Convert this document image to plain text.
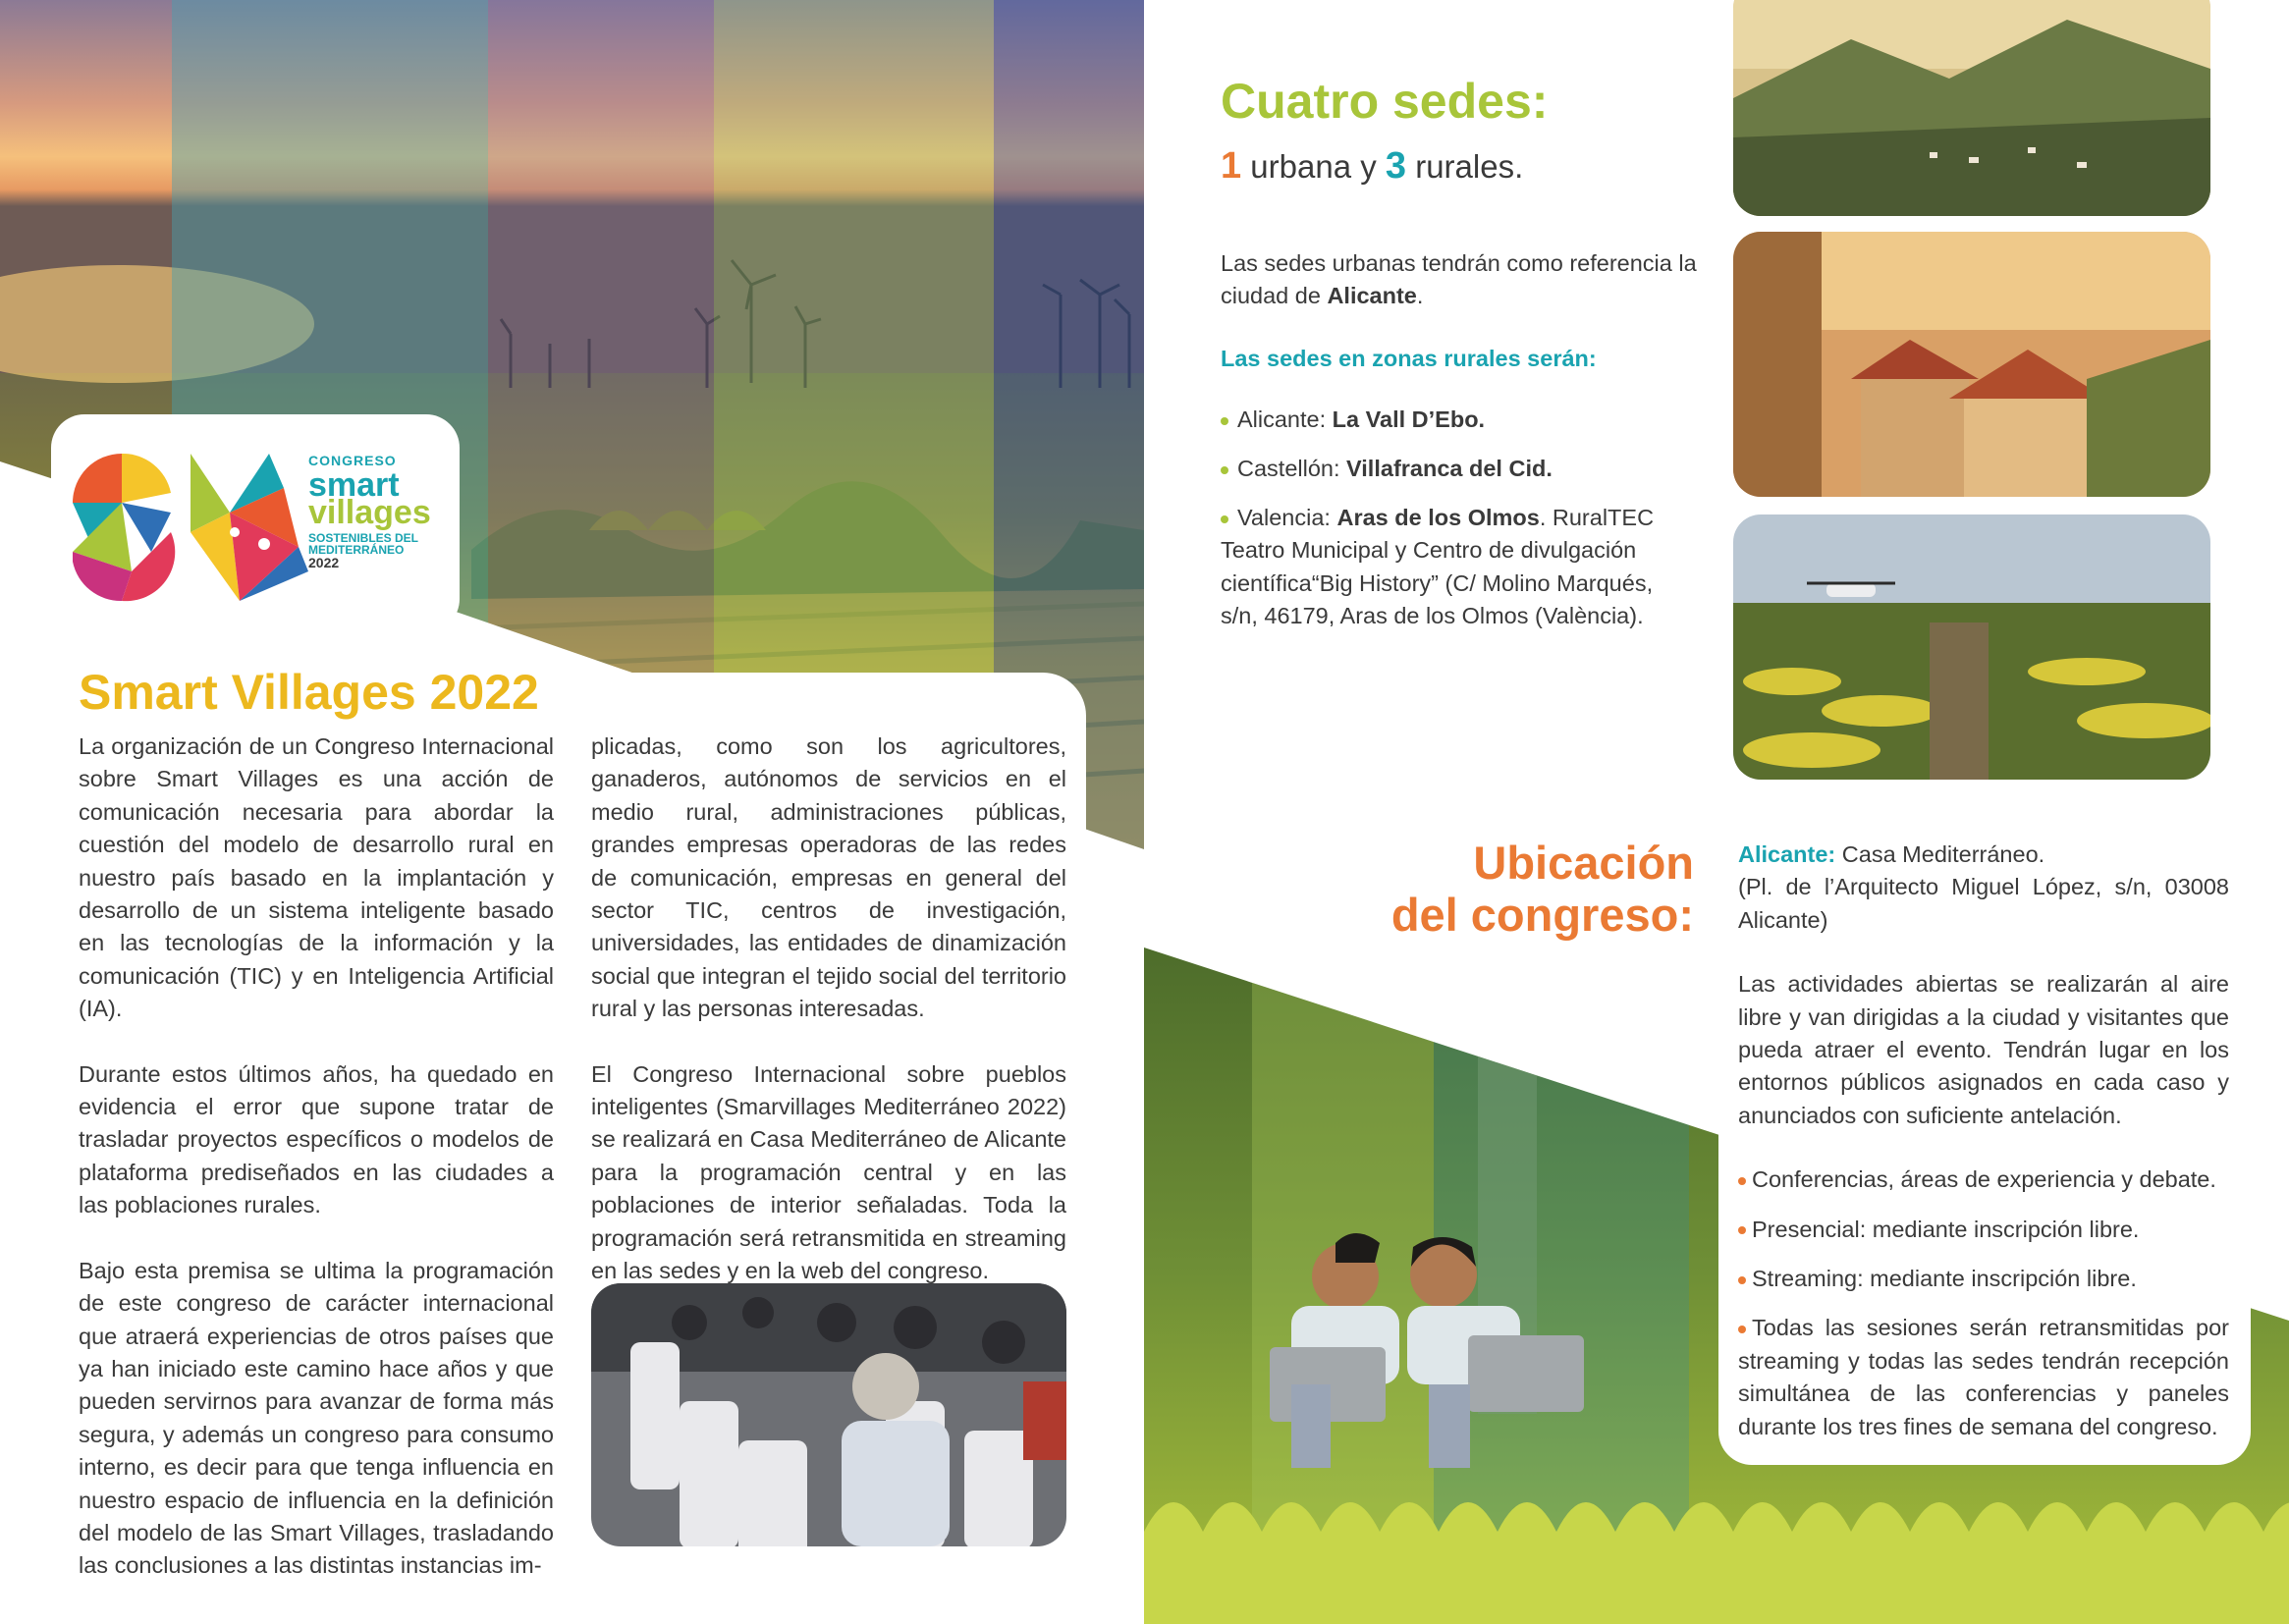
CONGRESO
smart
villages
SOSTENIBLES DEL
MEDITERRÁNEO
2022
Smart Villages 2022

La organización de un Congreso Internacional sobre Smart Villages es una acción de comunicación necesaria para abordar la cuestión del modelo de desarrollo rural en nuestro país basado en la implantación y desarrollo de un sistema inteligente basado en las tecnologías de la información y la comunicación (TIC) y en Inteligencia Artificial (IA).

Durante estos últimos años, ha quedado en evidencia el error que supone tratar de trasladar proyectos específicos o modelos de plataforma prediseñados en las ciudades a las poblaciones rurales.

Bajo esta premisa se ultima la programación de este congreso de carácter internacional que atraerá experiencias de otros países que ya han iniciado este camino hace años y que pueden servirnos para avanzar de forma más segura, y además un congreso para consumo interno, es decir para que tenga influencia en nuestro espacio de influencia en la definición del modelo de las Smart Villages, trasladando las conclusiones a las distintas instancias im-

plicadas, como son los agricultores, ganaderos, autónomos de servicios en el medio rural, administraciones públicas, grandes empresas operadoras de las redes de comunicación, empresas en general del sector TIC, centros de investigación, universidades, las entidades de dinamización social que integran el tejido social del territorio rural y las personas interesadas.

El Congreso Internacional sobre pueblos inteligentes (Smarvillages Mediterráneo 2022) se realizará en Casa Mediterráneo de Alicante para la programación central y en las poblaciones de interior señaladas. Toda la programación será retransmitida en streaming en las sedes y en la web del congreso.

Cuatro sedes:
1 urbana y 3 rurales.

Las sedes urbanas tendrán como referencia la ciudad de Alicante.

Las sedes en zonas rurales serán:
Alicante: La Vall D’Ebo.
Castellón: Villafranca del Cid.
Valencia: Aras de los Olmos. RuralTEC Teatro Municipal y Centro de divulgación científica“Big History” (C/ Molino Marqués, s/n, 46179, Aras de los Olmos (València).
Ubicación
del congreso:

Alicante: Casa Mediterráneo.
(Pl. de l’Arquitecto Miguel López, s/n, 03008 Alicante)

Las actividades abiertas se realizarán al aire libre y van dirigidas a la ciudad y visitantes que pueda atraer el evento. Tendrán lugar en los entornos públicos asignados en cada caso y anunciados con suficiente antelación.

Conferencias, áreas de experiencia y debate.
Presencial: mediante inscripción libre.
Streaming: mediante inscripción libre.
Todas las sesiones serán retransmitidas por streaming y todas las sedes tendrán recepción simultánea de las conferencias y paneles durante los tres fines de semana del congreso.
